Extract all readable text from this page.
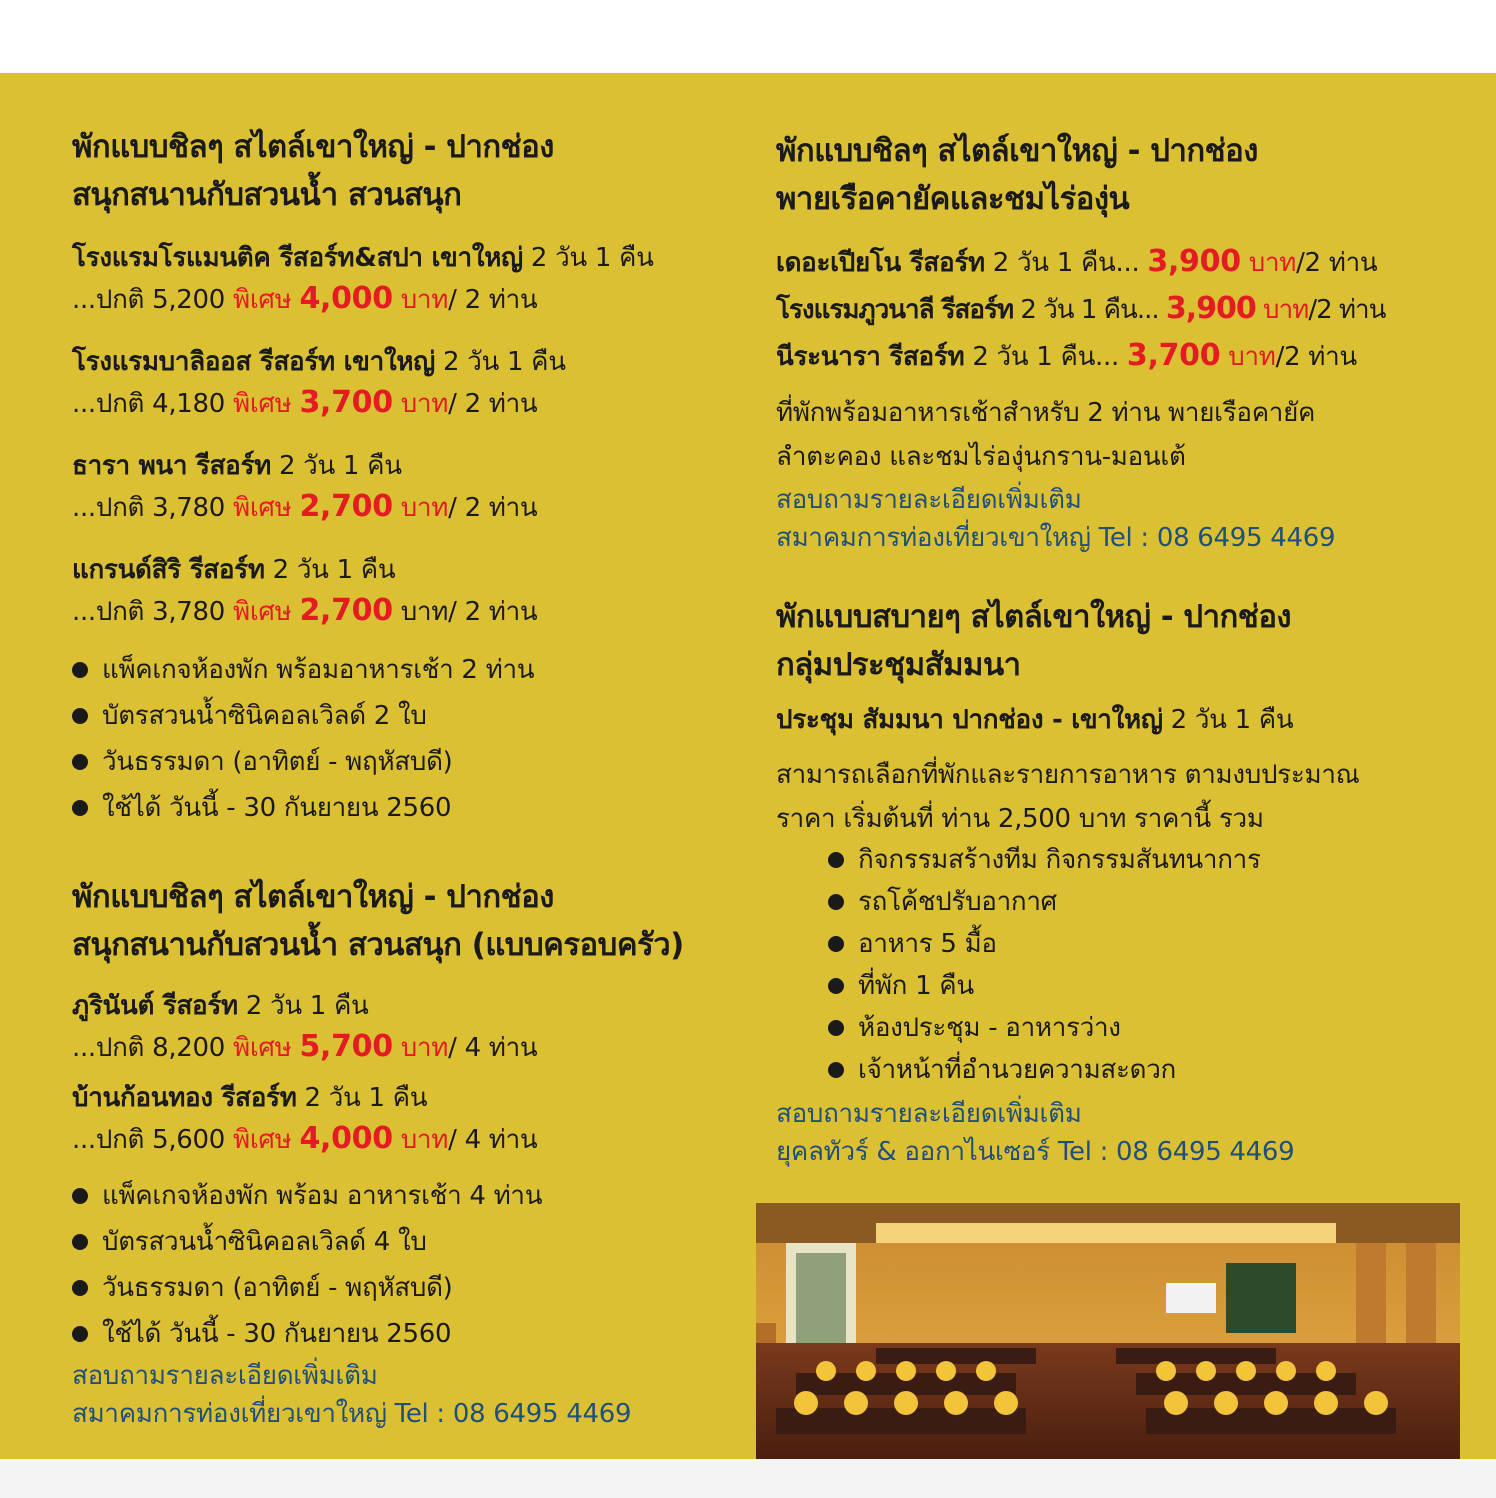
พักแบบชิลๆ สไตล์เขาใหญ่ - ปากช่อง
สนุกสนานกับสวนน้ำ สวนสนุก
โรงแรมโรแมนติค รีสอร์ท&สปา เขาใหญ่ 2 วัน 1 คืน
...ปกติ 5,200 พิเศษ 4,000 บาท/ 2 ท่าน
โรงแรมบาลิออส รีสอร์ท เขาใหญ่ 2 วัน 1 คืน
...ปกติ 4,180 พิเศษ 3,700 บาท/ 2 ท่าน
ธารา พนา รีสอร์ท 2 วัน 1 คืน
...ปกติ 3,780 พิเศษ 2,700 บาท/ 2 ท่าน
แกรนด์สิริ รีสอร์ท 2 วัน 1 คืน
...ปกติ 3,780 พิเศษ 2,700 บาท/ 2 ท่าน
แพ็คเกจห้องพัก พร้อมอาหารเช้า 2 ท่าน
บัตรสวนน้ำซินิคอลเวิลด์ 2 ใบ
วันธรรมดา (อาทิตย์ - พฤหัสบดี)
ใช้ได้ วันนี้ - 30 กันยายน 2560
พักแบบชิลๆ สไตล์เขาใหญ่ - ปากช่อง
สนุกสนานกับสวนน้ำ สวนสนุก (แบบครอบครัว)
ภูรินันต์ รีสอร์ท 2 วัน 1 คืน
...ปกติ 8,200 พิเศษ 5,700 บาท/ 4 ท่าน
บ้านก้อนทอง รีสอร์ท 2 วัน 1 คืน
...ปกติ 5,600 พิเศษ 4,000 บาท/ 4 ท่าน
แพ็คเกจห้องพัก พร้อม อาหารเช้า 4 ท่าน
บัตรสวนน้ำซินิคอลเวิลด์ 4 ใบ
วันธรรมดา (อาทิตย์ - พฤหัสบดี)
ใช้ได้ วันนี้ - 30 กันยายน 2560
สอบถามรายละเอียดเพิ่มเติม
สมาคมการท่องเที่ยวเขาใหญ่ Tel : 08 6495 4469
พักแบบชิลๆ สไตล์เขาใหญ่ - ปากช่อง
พายเรือคายัคและชมไร่องุ่น
เดอะเปียโน รีสอร์ท 2 วัน 1 คืน... 3,900 บาท/2 ท่าน
โรงแรมภูวนาลี รีสอร์ท 2 วัน 1 คืน... 3,900 บาท/2 ท่าน
นีระนารา รีสอร์ท 2 วัน 1 คืน... 3,700 บาท/2 ท่าน
ที่พักพร้อมอาหารเช้าสำหรับ 2 ท่าน พายเรือคายัค
ลำตะคอง และชมไร่องุ่นกราน-มอนเต้
สอบถามรายละเอียดเพิ่มเติม
สมาคมการท่องเที่ยวเขาใหญ่ Tel : 08 6495 4469
พักแบบสบายๆ สไตล์เขาใหญ่ - ปากช่อง
กลุ่มประชุมสัมมนา
ประชุม สัมมนา ปากช่อง - เขาใหญ่ 2 วัน 1 คืน
สามารถเลือกที่พักและรายการอาหาร ตามงบประมาณ
ราคา เริ่มต้นที่ ท่าน 2,500 บาท ราคานี้ รวม
กิจกรรมสร้างทีม กิจกรรมสันทนาการ
รถโค้ชปรับอากาศ
อาหาร 5 มื้อ
ที่พัก 1 คืน
ห้องประชุม - อาหารว่าง
เจ้าหน้าที่อำนวยความสะดวก
สอบถามรายละเอียดเพิ่มเติม
ยุคลทัวร์ & ออกาไนเซอร์ Tel : 08 6495 4469
